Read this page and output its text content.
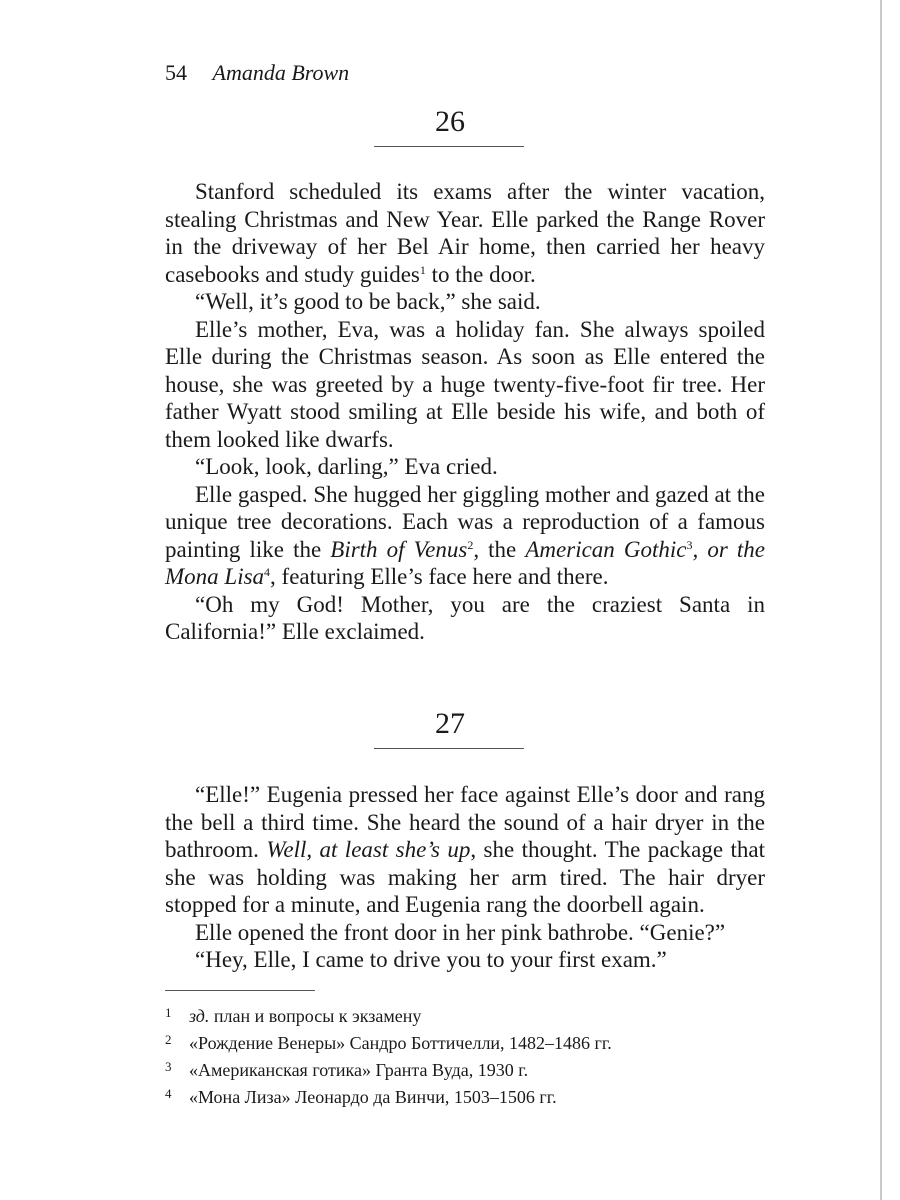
54 Amanda Brown
26

Stanford scheduled its exams after the winter vacation, stealing Christmas and New Year. Elle parked the Range Rover in the driveway of her Bel Air home, then carried her heavy casebooks and study guides$^1$ to the door.

“Well, it’s good to be back,” she said.

Elle’s mother, Eva, was a holiday fan. She always spoiled Elle during the Christmas season. As soon as Elle entered the house, she was greeted by a huge twenty-five-foot fir tree. Her father Wyatt stood smiling at Elle beside his wife, and both of them looked like dwarfs.

“Look, look, darling,” Eva cried.

Elle gasped. She hugged her giggling mother and gazed at the unique tree decorations. Each was a reproduction of a famous painting like the Birth of Venus$^2$, the American Gothic$^3$, or the Mona Lisa$^4$, featuring Elle’s face here and there.

“Oh my God! Mother, you are the craziest Santa in California!” Elle exclaimed.

27

“Elle!” Eugenia pressed her face against Elle’s door and rang the bell a third time. She heard the sound of a hair dryer in the bathroom. Well, at least she’s up, she thought. The package that she was holding was making her arm tired. The hair dryer stopped for a minute, and Eugenia rang the doorbell again.

Elle opened the front door in her pink bathrobe. “Genie?”

“Hey, Elle, I came to drive you to your first exam.”

1 зд. план и вопросы к экзамену
2 «Рождение Венеры» Сандро Боттичелли, 1482–1486 гг.
3 «Американская готика» Гранта Вуда, 1930 г.
4 «Мона Лиза» Леонардо да Винчи, 1503–1506 гг.
